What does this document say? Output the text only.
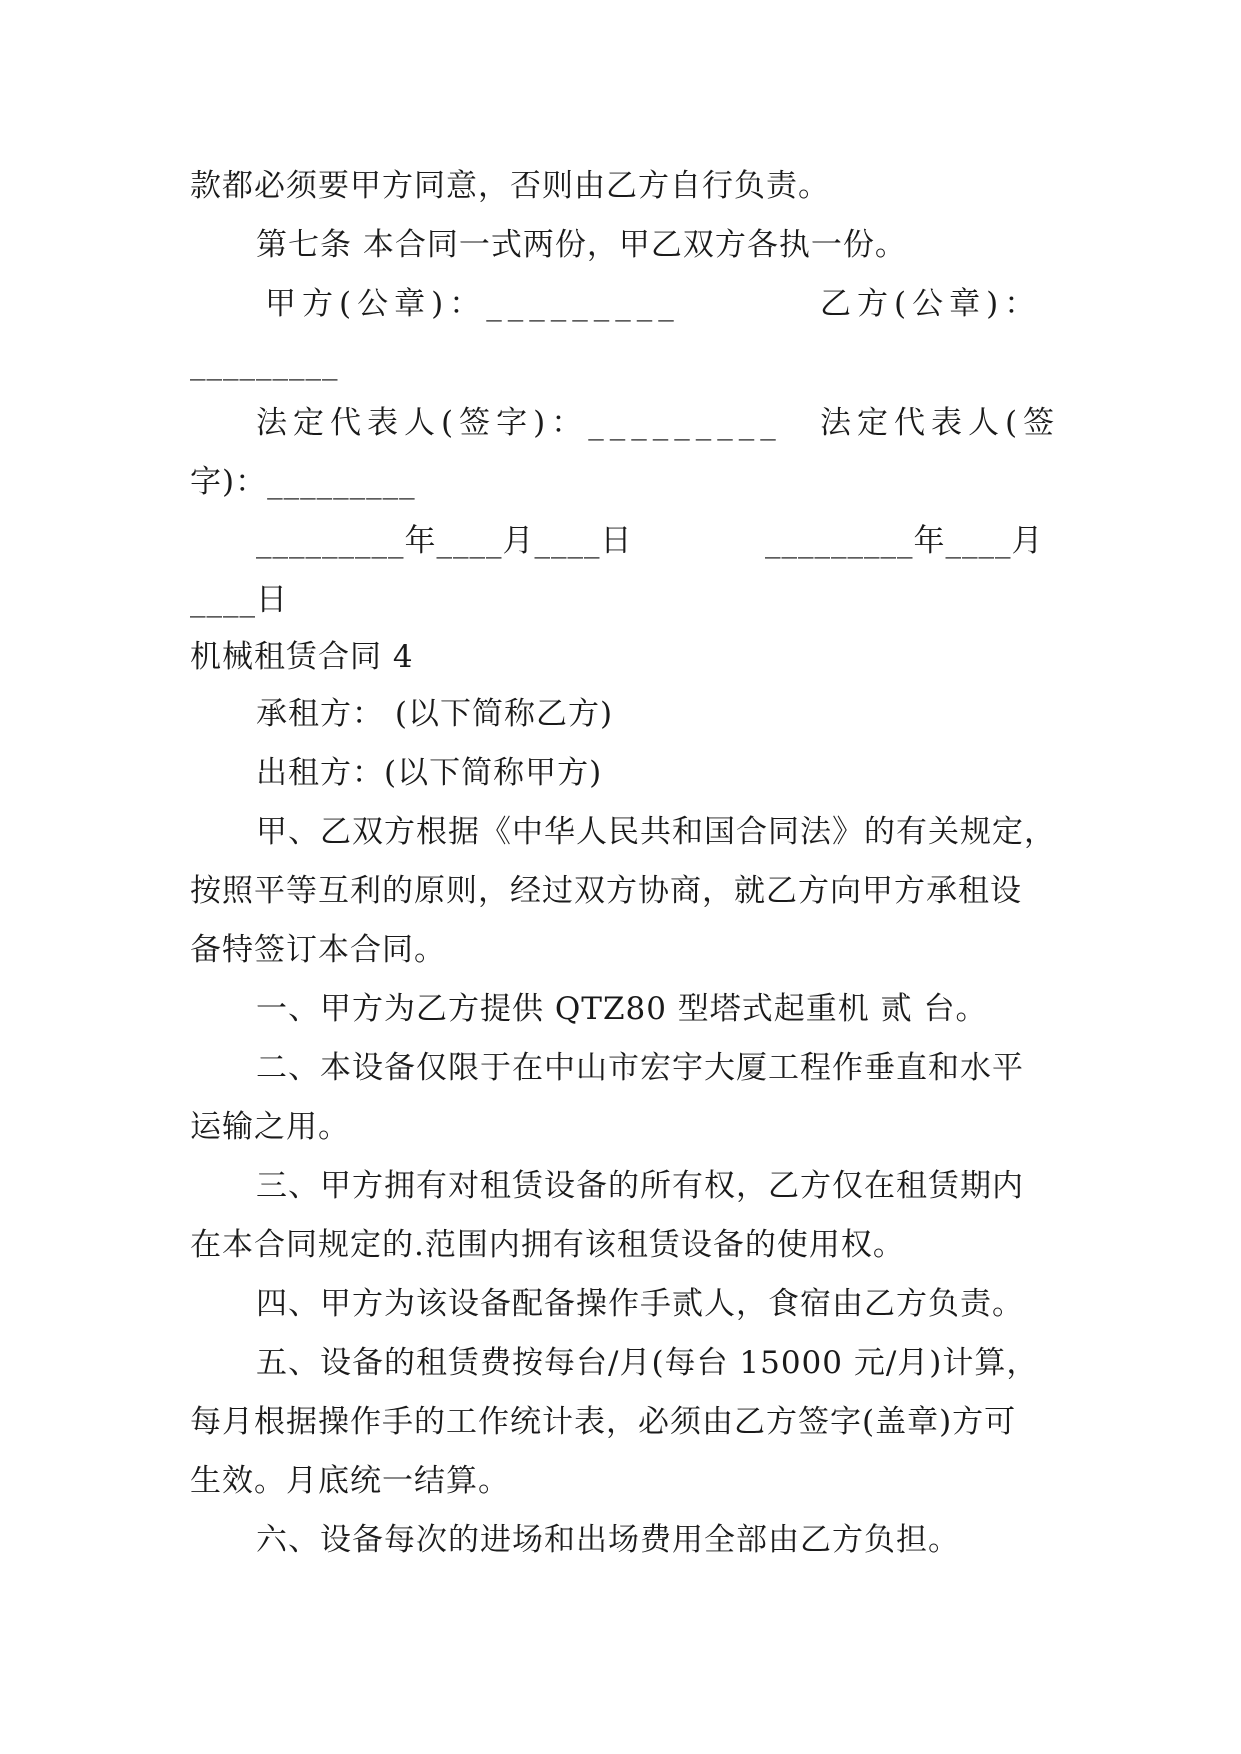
款都必须要甲方同意，否则由乙方自行负责。
第七条 本合同一式两份，甲乙双方各执一份。
甲方(公章)：_________	乙方(公章)：
_________
法定代表人(签字)：_________ 法定代表人(签
字)：_________
_________年____月____日	_________年____月
____日
机械租赁合同 4
承租方： (以下简称乙方)
出租方：(以下简称甲方)
甲、乙双方根据《中华人民共和国合同法》的有关规定，
按照平等互利的原则，经过双方协商，就乙方向甲方承租设
备特签订本合同。
一、甲方为乙方提供 QTZ80 型塔式起重机 贰 台。
二、本设备仅限于在中山市宏宇大厦工程作垂直和水平
运输之用。
三、甲方拥有对租赁设备的所有权，乙方仅在租赁期内
在本合同规定的.范围内拥有该租赁设备的使用权。
四、甲方为该设备配备操作手贰人，食宿由乙方负责。
五、设备的租赁费按每台/月(每台 15000 元/月)计算，
每月根据操作手的工作统计表，必须由乙方签字(盖章)方可
生效。月底统一结算。
六、设备每次的进场和出场费用全部由乙方负担。
